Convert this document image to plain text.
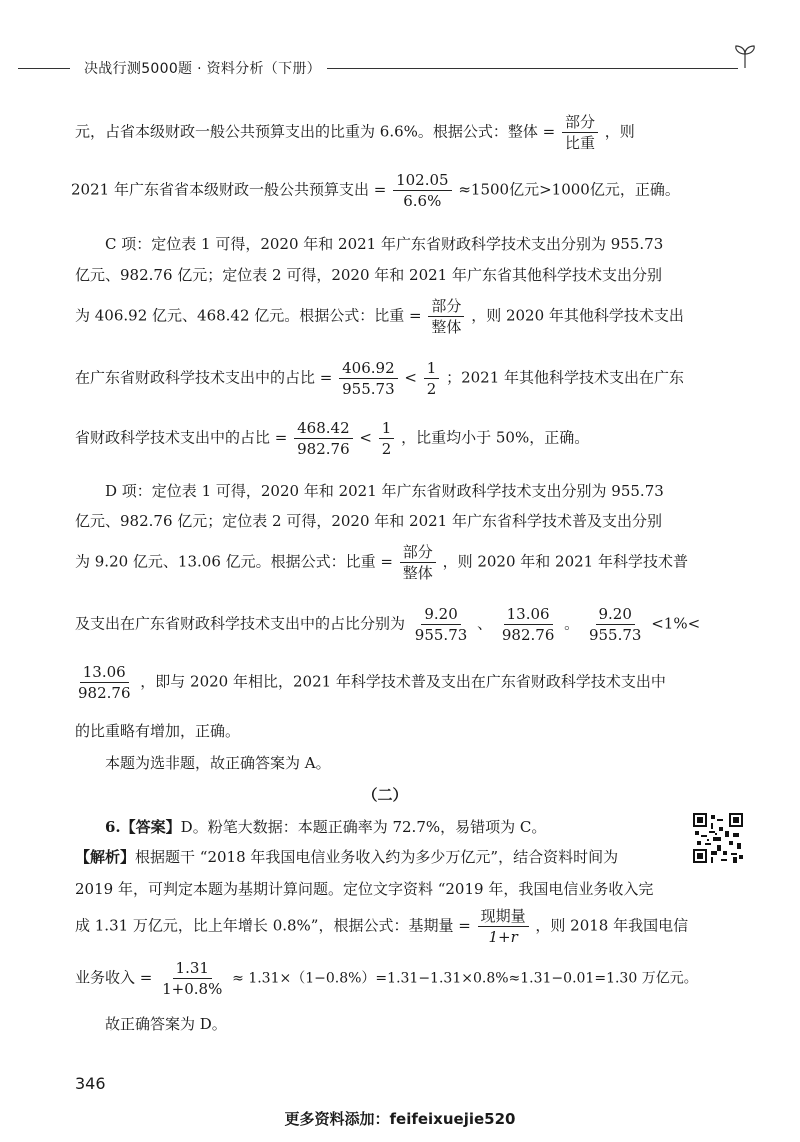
决战行测5000题 · 资料分析（下册）
元，占省本级财政一般公共预算支出的比重为 6.6%。根据公式：整体 =
部分
比重
，则
2021 年广东省省本级财政一般公共预算支出 = $\frac{102.05}{6.6\%} \approx 1500$亿元>1000亿元，正确。
C 项：定位表 1 可得，2020 年和 2021 年广东省财政科学技术支出分别为 955.73
亿元、982.76 亿元；定位表 2 可得，2020 年和 2021 年广东省其他科学技术支出分别
为 406.92 亿元、468.42 亿元。根据公式：比重 =
部分
整体
，则 2020 年其他科学技术支出
在广东省财政科学技术支出中的占比 = $\frac{406.92}{955.73} < \frac{1}{2}$ ；2021 年其他科学技术支出在广东
省财政科学技术支出中的占比 = $\frac{468.42}{982.76} < \frac{1}{2}$ ，比重均小于 50%，正确。
D 项：定位表 1 可得，2020 年和 2021 年广东省财政科学技术支出分别为 955.73
亿元、982.76 亿元；定位表 2 可得，2020 年和 2021 年广东省科学技术普及支出分别
为 9.20 亿元、13.06 亿元。根据公式：比重 =
部分
整体
，则 2020 年和 2021 年科学技术普
及支出在广东省财政科学技术支出中的占比分别为 $\frac{9.20}{955.73}$ 、 $\frac{13.06}{982.76}$ 。 $\frac{9.20}{955.73} <1\%<$
$\frac{13.06}{982.76}$ ，即与 2020 年相比，2021 年科学技术普及支出在广东省财政科学技术支出中
的比重略有增加，正确。
本题为选非题，故正确答案为 A。
（二）
6.【答案】D。粉笔大数据：本题正确率为 72.7%，易错项为 C。
【解析】根据题干 “2018 年我国电信业务收入约为多少万亿元”，结合资料时间为
2019 年，可判定本题为基期计算问题。定位文字资料 “2019 年，我国电信业务收入完
成 1.31 万亿元，比上年增长 0.8%”，根据公式：基期量 =
现期量
1+r
，则 2018 年我国电信
业务收入 = $\frac{1.31}{1+0.8\%} \approx 1.31\times(1-0.8\%)=1.31-1.31\times 0.8\%\approx 1.31-0.01=1.30$ 万亿元。
故正确答案为 D。
346
更多资料添加：feifeixuejie520
